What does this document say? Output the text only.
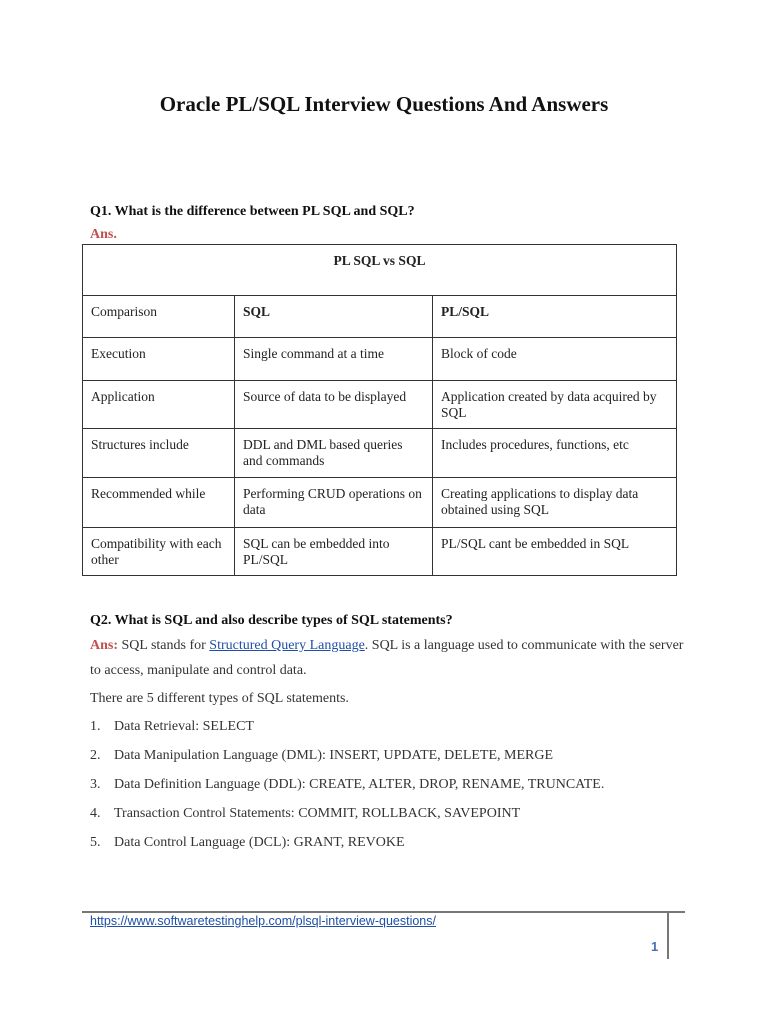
Oracle PL/SQL Interview Questions And Answers
Q1. What is the difference between PL SQL and SQL?
Ans.
PL SQL vs SQL		
Comparison	SQL	PL/SQL
Execution	Single command at a time	Block of code
Application	Source of data to be displayed	Application created by data acquired by SQL
Structures include	DDL and DML based queries and commands	Includes procedures, functions, etc
Recommended while	Performing CRUD operations on data	Creating applications to display data obtained using SQL
Compatibility with each other	SQL can be embedded into PL/SQL	PL/SQL cant be embedded in SQL
Q2. What is SQL and also describe types of SQL statements?
Ans: SQL stands for Structured Query Language. SQL is a language used to communicate with the server to access, manipulate and control data.
There are 5 different types of SQL statements.
1. Data Retrieval: SELECT
2. Data Manipulation Language (DML): INSERT, UPDATE, DELETE, MERGE
3. Data Definition Language (DDL): CREATE, ALTER, DROP, RENAME, TRUNCATE.
4. Transaction Control Statements: COMMIT, ROLLBACK, SAVEPOINT
5. Data Control Language (DCL): GRANT, REVOKE
https://www.softwaretestinghelp.com/plsql-interview-questions/
1
